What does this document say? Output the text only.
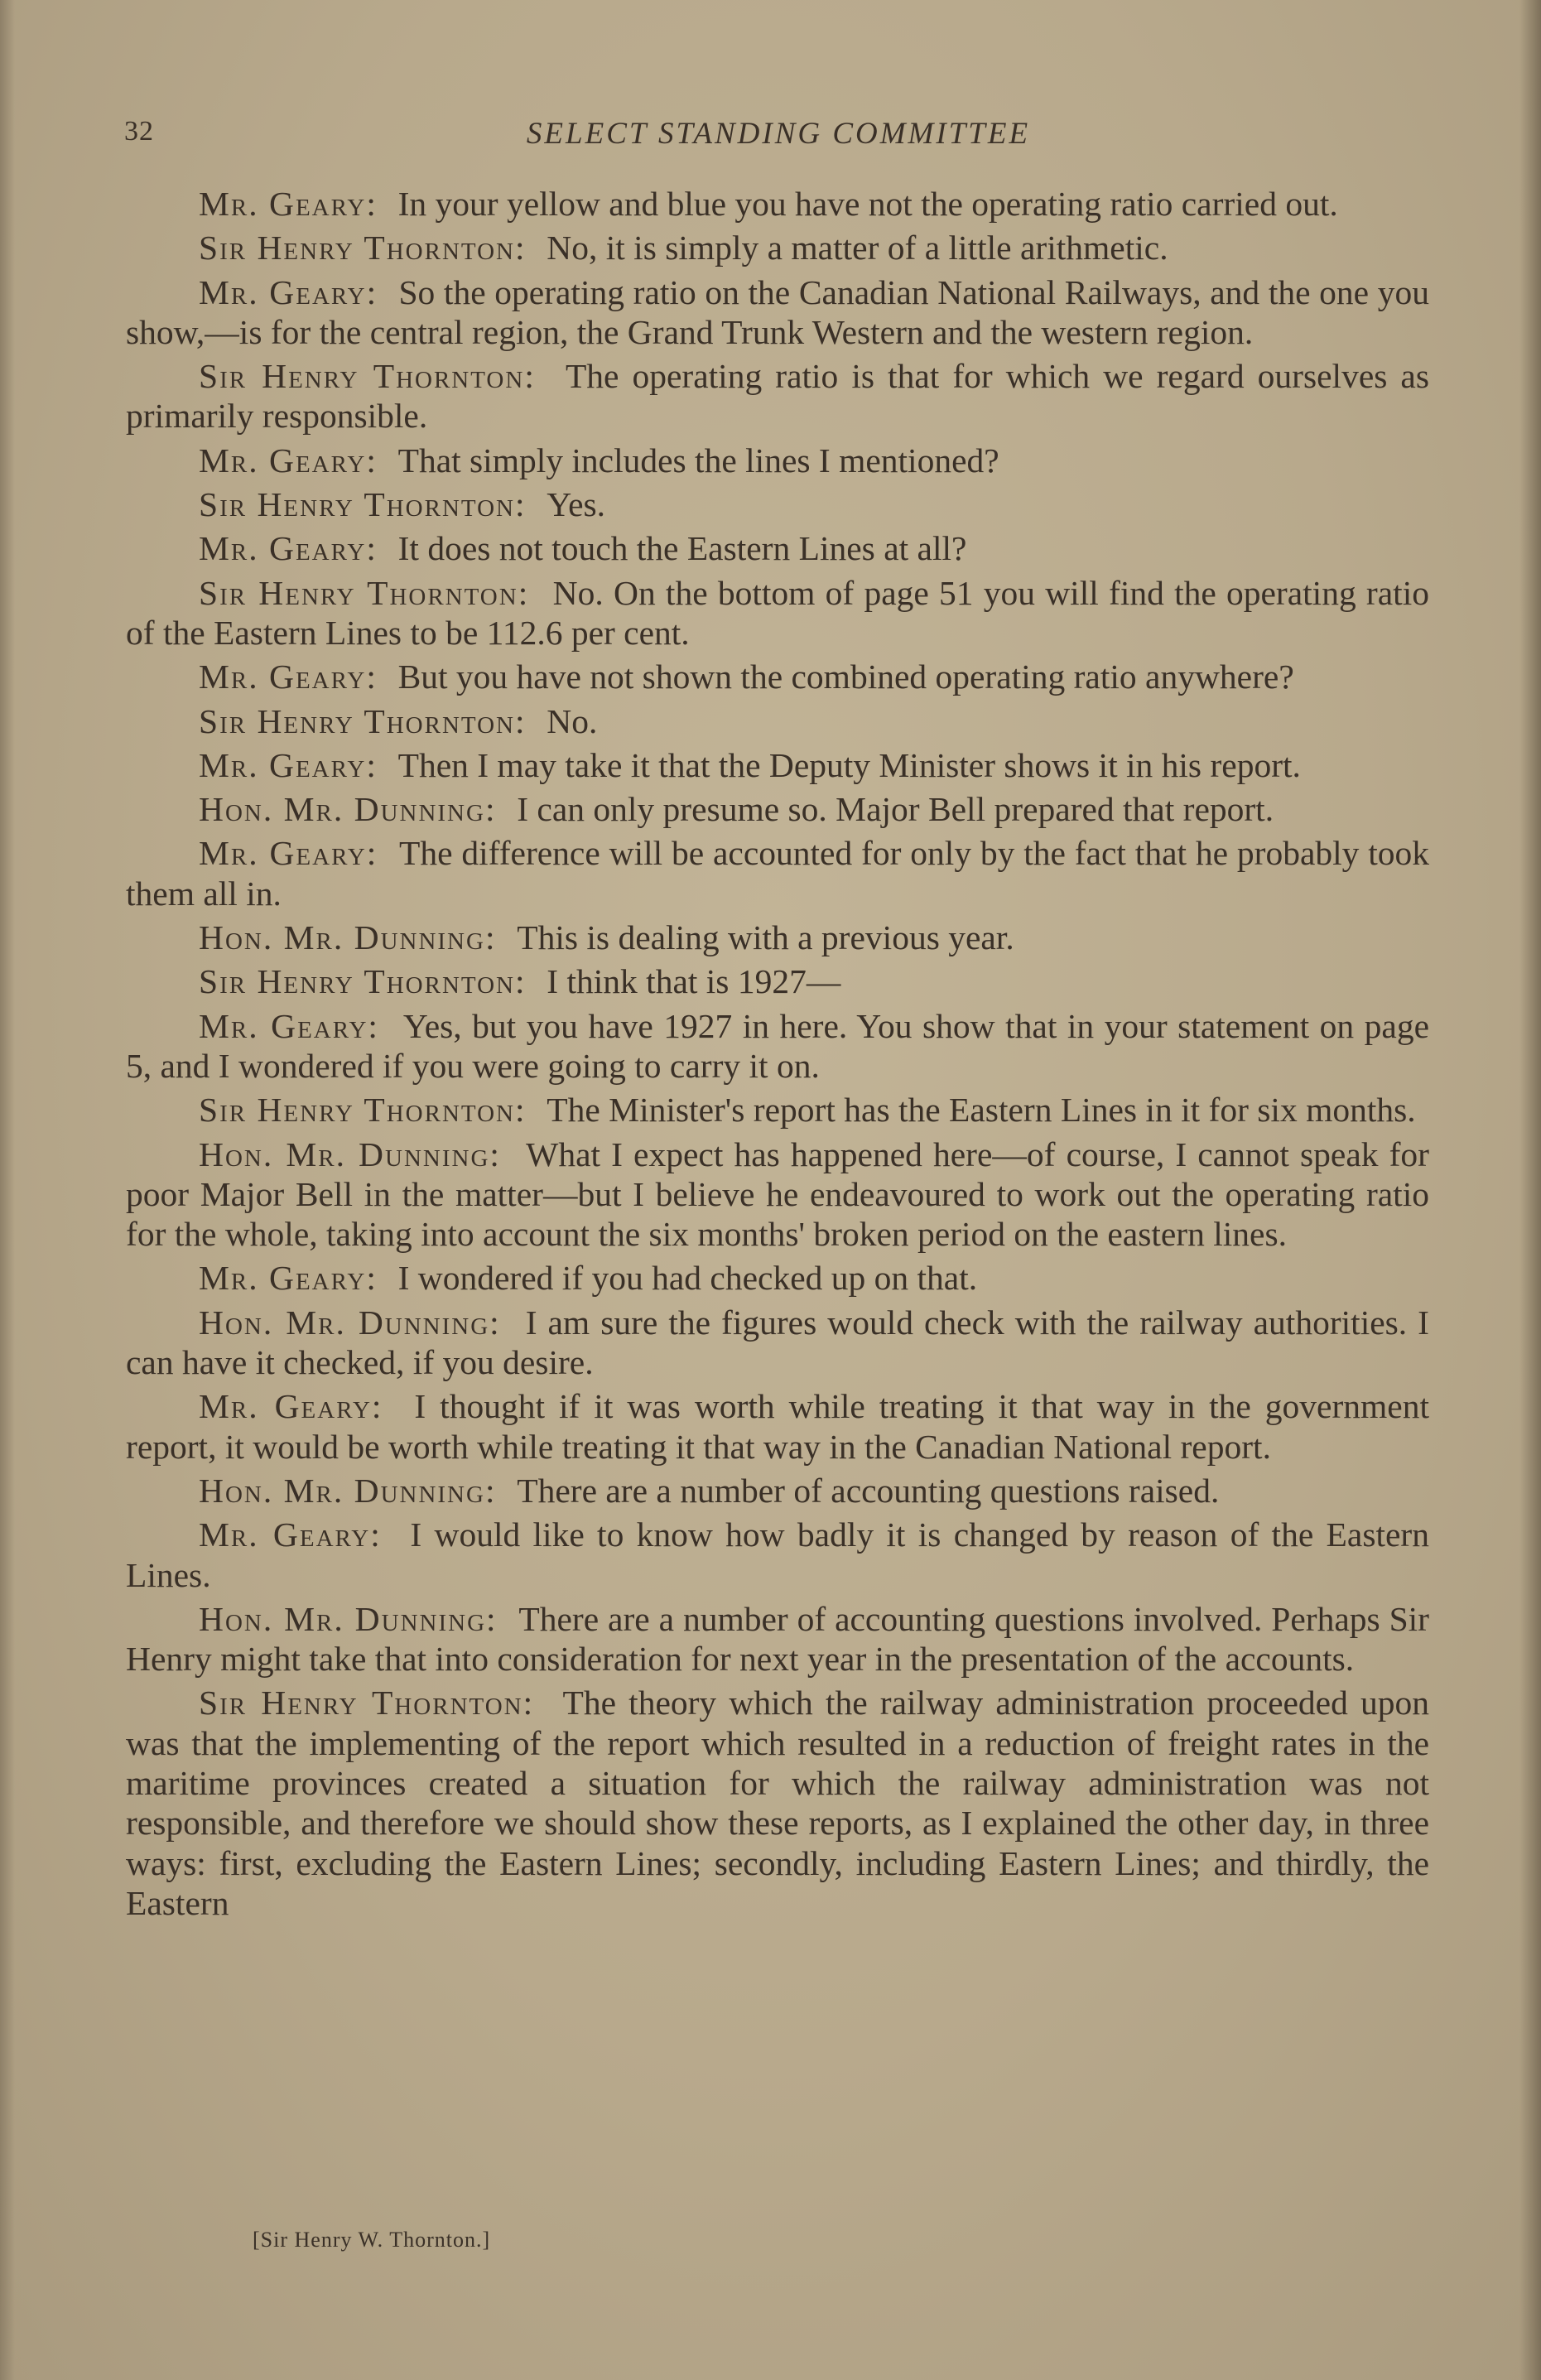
32	SELECT STANDING COMMITTEE

Mr. Geary : In your yellow and blue you have not the operating ratio carried out.

Sir Henry Thornton : No, it is simply a matter of a little arithmetic.

Mr. Geary : So the operating ratio on the Canadian National Railways, and the one you show,—is for the central region, the Grand Trunk Western and the western region.

Sir Henry Thornton : The operating ratio is that for which we regard ourselves as primarily responsible.

Mr. Geary : That simply includes the lines I mentioned?

Sir Henry Thornton : Yes.

Mr. Geary : It does not touch the Eastern Lines at all?

Sir Henry Thornton : No. On the bottom of page 51 you will find the operating ratio of the Eastern Lines to be 112.6 per cent.

Mr. Geary : But you have not shown the combined operating ratio anywhere?

Sir Henry Thornton : No.

Mr. Geary : Then I may take it that the Deputy Minister shows it in his report.

Hon. Mr. Dunning : I can only presume so. Major Bell prepared that report.

Mr. Geary : The difference will be accounted for only by the fact that he probably took them all in.

Hon. Mr. Dunning : This is dealing with a previous year.

Sir Henry Thornton : I think that is 1927—

Mr. Geary : Yes, but you have 1927 in here. You show that in your statement on page 5, and I wondered if you were going to carry it on.

Sir Henry Thornton : The Minister's report has the Eastern Lines in it for six months.

Hon. Mr. Dunning : What I expect has happened here—of course, I cannot speak for poor Major Bell in the matter—but I believe he endeavoured to work out the operating ratio for the whole, taking into account the six months' broken period on the eastern lines.

Mr. Geary : I wondered if you had checked up on that.

Hon. Mr. Dunning : I am sure the figures would check with the railway authorities. I can have it checked, if you desire.

Mr. Geary : I thought if it was worth while treating it that way in the government report, it would be worth while treating it that way in the Canadian National report.

Hon. Mr. Dunning : There are a number of accounting questions raised.

Mr. Geary : I would like to know how badly it is changed by reason of the Eastern Lines.

Hon. Mr. Dunning : There are a number of accounting questions involved. Perhaps Sir Henry might take that into consideration for next year in the presentation of the accounts.

Sir Henry Thornton : The theory which the railway administration proceeded upon was that the implementing of the report which resulted in a reduction of freight rates in the maritime provinces created a situation for which the railway administration was not responsible, and therefore we should show these reports, as I explained the other day, in three ways: first, excluding the Eastern Lines; secondly, including Eastern Lines; and thirdly, the Eastern

[Sir Henry W. Thornton.]
